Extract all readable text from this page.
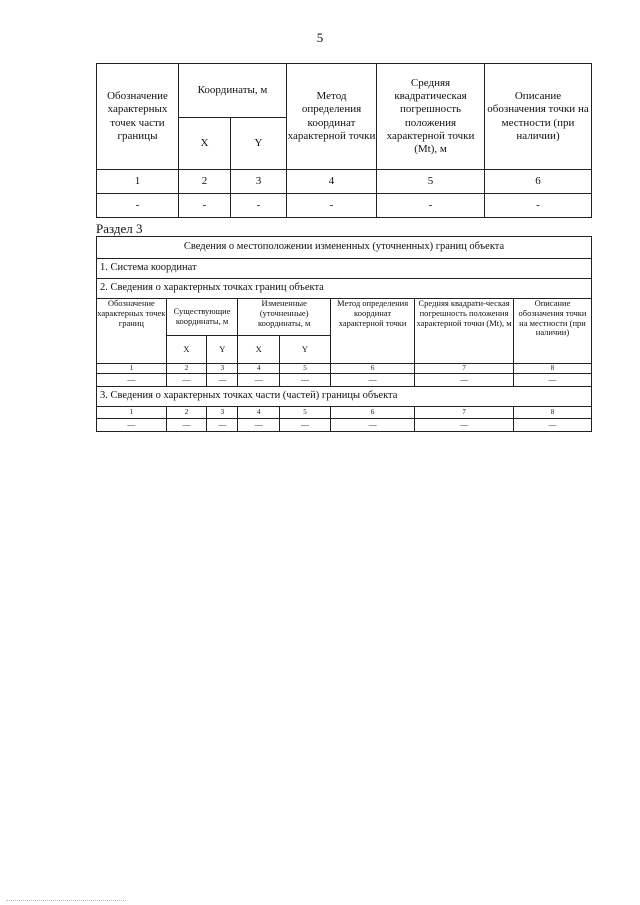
5
Обозначение характерных точек части границы	Координаты, м		Метод определения координат характерной точки	Средняя квадратическая погрешность положения характерной точки (Mt), м	Описание обозначения точки на местности (при наличии)
	X	Y			
1	2	3	4	5	6
-	-	-	-	-	-
Раздел 3
Сведения о местоположении измененных (уточненных) границ объекта							
1. Система координат							
2. Сведения о характерных точках границ объекта							
Обозначение характерных точек границ	Существующие координаты, м		Измененные (уточненные) координаты, м		Метод определения координат характерной точки	Средняя квадрати-ческая погрешность положения характерной точки (Mt), м	Описание обозначения точки на местности (при наличии)
	X	Y	X	Y			
1	2	3	4	5	6	7	8
—	—	—	—	—	—	—	—
3. Сведения о характерных точках части (частей) границы объекта							
1	2	3	4	5	6	7	8
—	—	—	—	—	—	—	—
